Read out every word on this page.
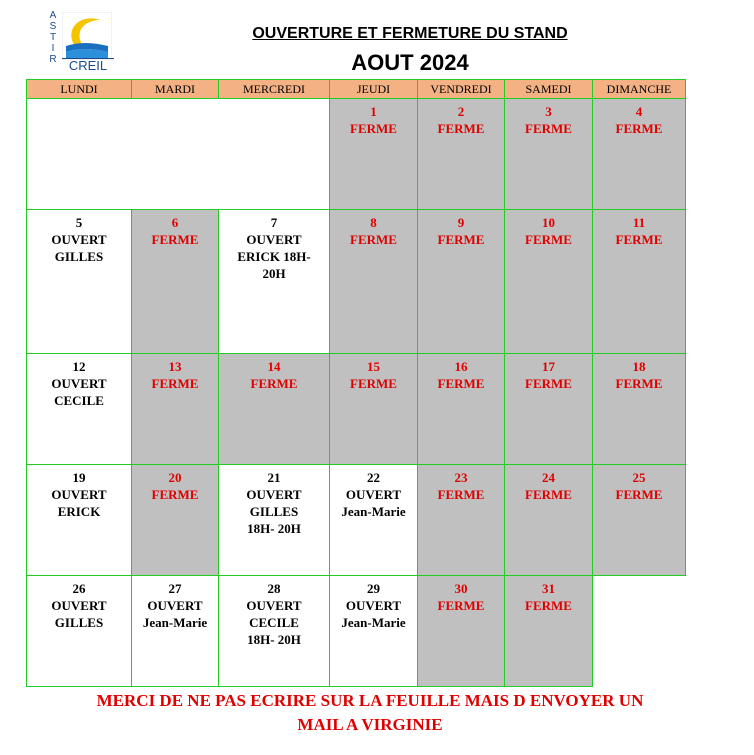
A
S
T
I
R CREIL
OUVERTURE ET FERMETURE DU STAND
AOUT 2024
LUNDI	MARDI	MERCREDI	JEUDI	VENDREDI	SAMEDI	DIMANCHE

			1
FERME	2
FERME	3
FERME	4
FERME

5
OUVERT
GILLES	6
FERME	7
OUVERT
ERICK 18H-
20H	8
FERME	9
FERME	10
FERME	11
FERME

12
OUVERT
CECILE	13
FERME	14
FERME	15
FERME	16
FERME	17
FERME	18
FERME

19
OUVERT
ERICK	20
FERME	21
OUVERT
GILLES
18H- 20H	22
OUVERT
Jean-Marie	23
FERME	24
FERME	25
FERME

26
OUVERT
GILLES	27
OUVERT
Jean-Marie	28
OUVERT
CECILE
18H- 20H	29
OUVERT
Jean-Marie	30
FERME	31
FERME	

MERCI DE NE PAS ECRIRE SUR LA FEUILLE MAIS D ENVOYER UN
MAIL A VIRGINIE
